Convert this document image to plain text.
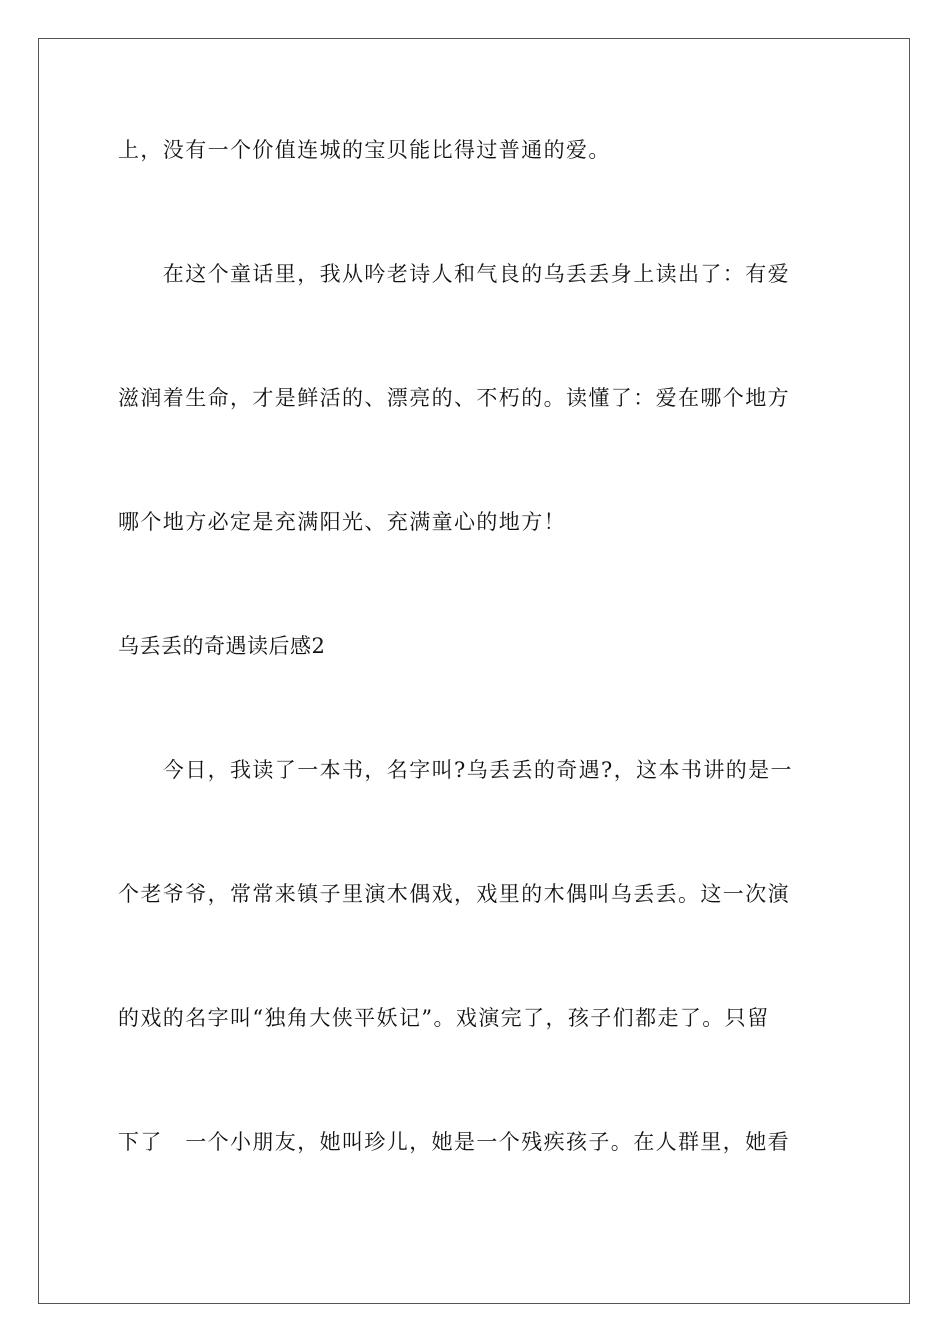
上，没有一个价值连城的宝贝能比得过普通的爱。
　　在这个童话里，我从吟老诗人和气良的乌丢丢身上读出了：有爱
滋润着生命，才是鲜活的、漂亮的、不朽的。读懂了：爱在哪个地方
哪个地方必定是充满阳光、充满童心的地方！
乌丢丢的奇遇读后感2
　　今日，我读了一本书，名字叫?乌丢丢的奇遇?，这本书讲的是一
个老爷爷，常常来镇子里演木偶戏，戏里的木偶叫乌丢丢。这一次演
的戏的名字叫“独角大侠平妖记”。戏演完了，孩子们都走了。只留
下了　一个小朋友，她叫珍儿，她是一个残疾孩子。在人群里，她看
